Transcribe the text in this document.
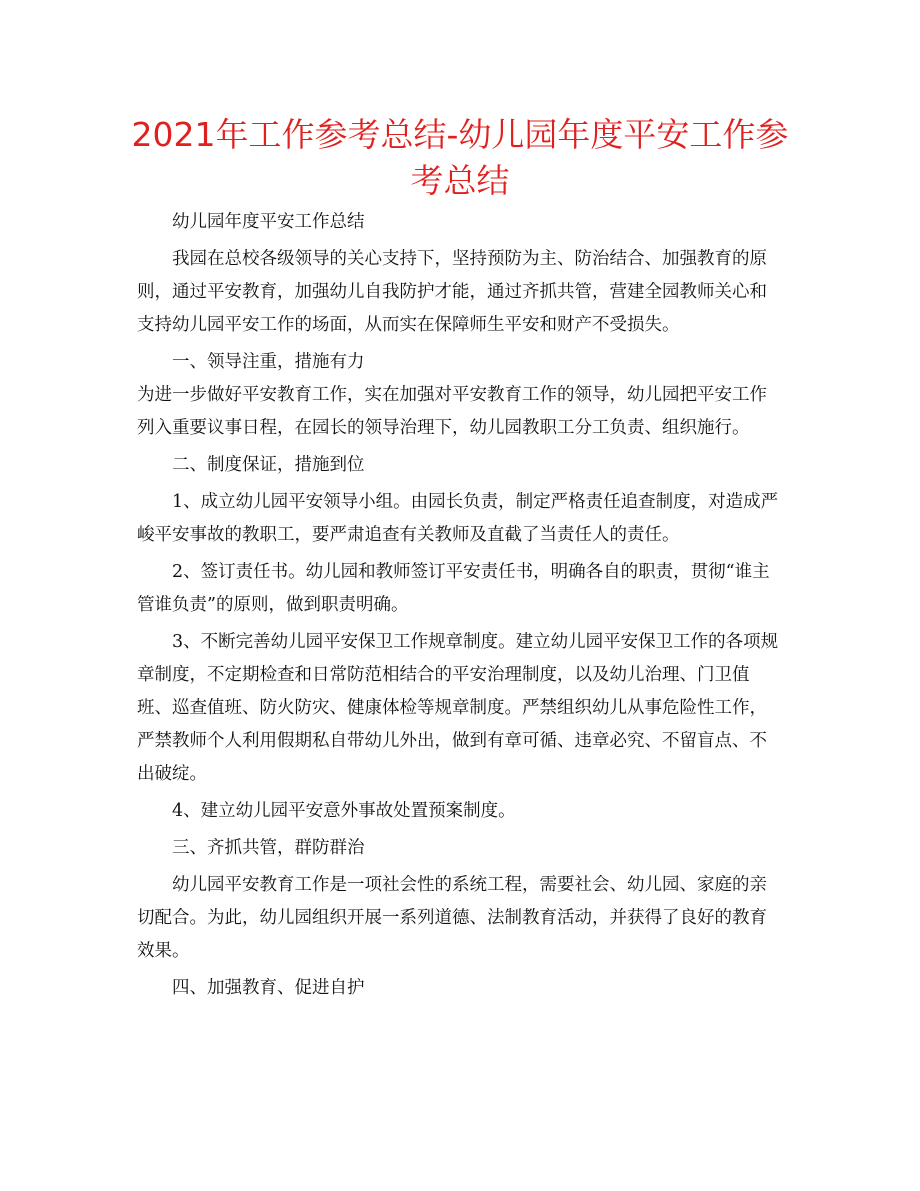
2021年工作参考总结-幼儿园年度平安工作参考总结

幼儿园年度平安工作总结

我园在总校各级领导的关心支持下，坚持预防为主、防治结合、加强教育的原则，通过平安教育，加强幼儿自我防护才能，通过齐抓共管，营建全园教师关心和支持幼儿园平安工作的场面，从而实在保障师生平安和财产不受损失。

一、领导注重，措施有力

为进一步做好平安教育工作，实在加强对平安教育工作的领导，幼儿园把平安工作列入重要议事日程，在园长的领导治理下，幼儿园教职工分工负责、组织施行。

二、制度保证，措施到位

1、成立幼儿园平安领导小组。由园长负责，制定严格责任追查制度，对造成严峻平安事故的教职工，要严肃追查有关教师及直截了当责任人的责任。

2、签订责任书。幼儿园和教师签订平安责任书，明确各自的职责，贯彻“谁主管谁负责”的原则，做到职责明确。

3、不断完善幼儿园平安保卫工作规章制度。建立幼儿园平安保卫工作的各项规章制度，不定期检查和日常防范相结合的平安治理制度，以及幼儿治理、门卫值班、巡查值班、防火防灾、健康体检等规章制度。严禁组织幼儿从事危险性工作，严禁教师个人利用假期私自带幼儿外出，做到有章可循、违章必究、不留盲点、不出破绽。

4、建立幼儿园平安意外事故处置预案制度。

三、齐抓共管，群防群治

幼儿园平安教育工作是一项社会性的系统工程，需要社会、幼儿园、家庭的亲切配合。为此，幼儿园组织开展一系列道德、法制教育活动，并获得了良好的教育效果。

四、加强教育、促进自护
